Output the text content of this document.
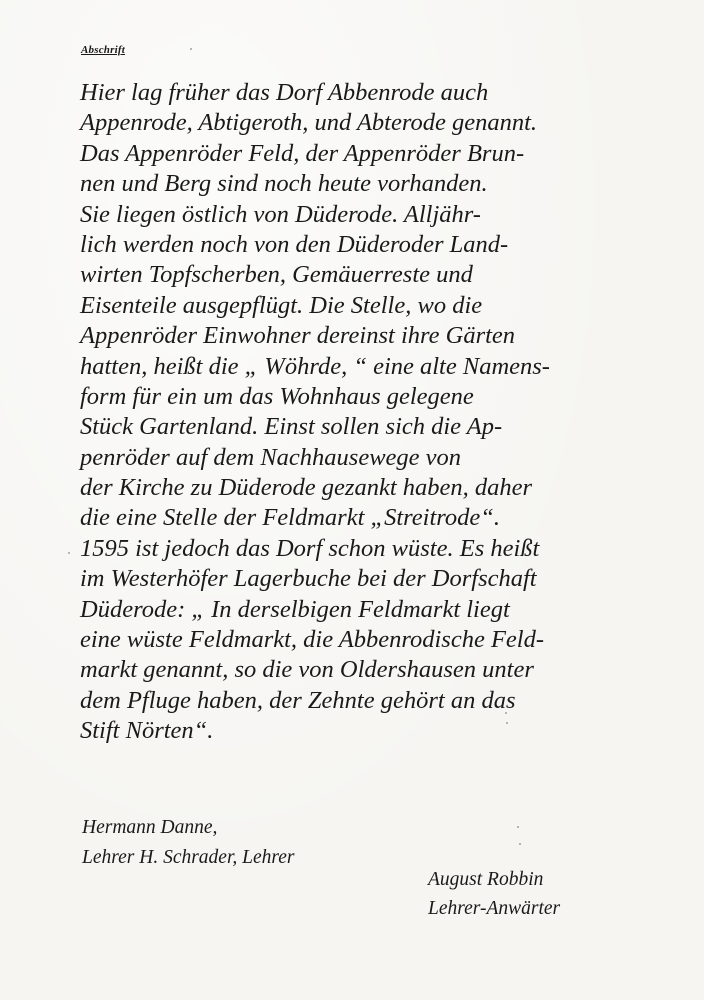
Abschrift
Hier lag früher das Dorf Abbenrode auch
Appenrode, Abtigeroth, und Abterode genannt.
Das Appenröder Feld, der Appenröder Brun-
nen und Berg sind noch heute vorhanden.
Sie liegen östlich von Düderode. Alljähr-
lich werden noch von den Düderoder Land-
wirten Topfscherben, Gemäuerreste und
Eisenteile ausgepflügt. Die Stelle, wo die
Appenröder Einwohner dereinst ihre Gärten
hatten, heißt die „ Wöhrde, “ eine alte Namens-
form für ein um das Wohnhaus gelegene
Stück Gartenland. Einst sollen sich die Ap-
penröder auf dem Nachhausewege von
der Kirche zu Düderode gezankt haben, daher
die eine Stelle der Feldmarkt „Streitrode“.
1595 ist jedoch das Dorf schon wüste. Es heißt
im Westerhöfer Lagerbuche bei der Dorfschaft
Düderode: „ In derselbigen Feldmarkt liegt
eine wüste Feldmarkt, die Abbenrodische Feld-
markt genannt, so die von Oldershausen unter
dem Pfluge haben, der Zehnte gehört an das
Stift Nörten“.
Hermann Danne,
Lehrer H. Schrader, Lehrer
August Robbin
Lehrer-Anwärter
